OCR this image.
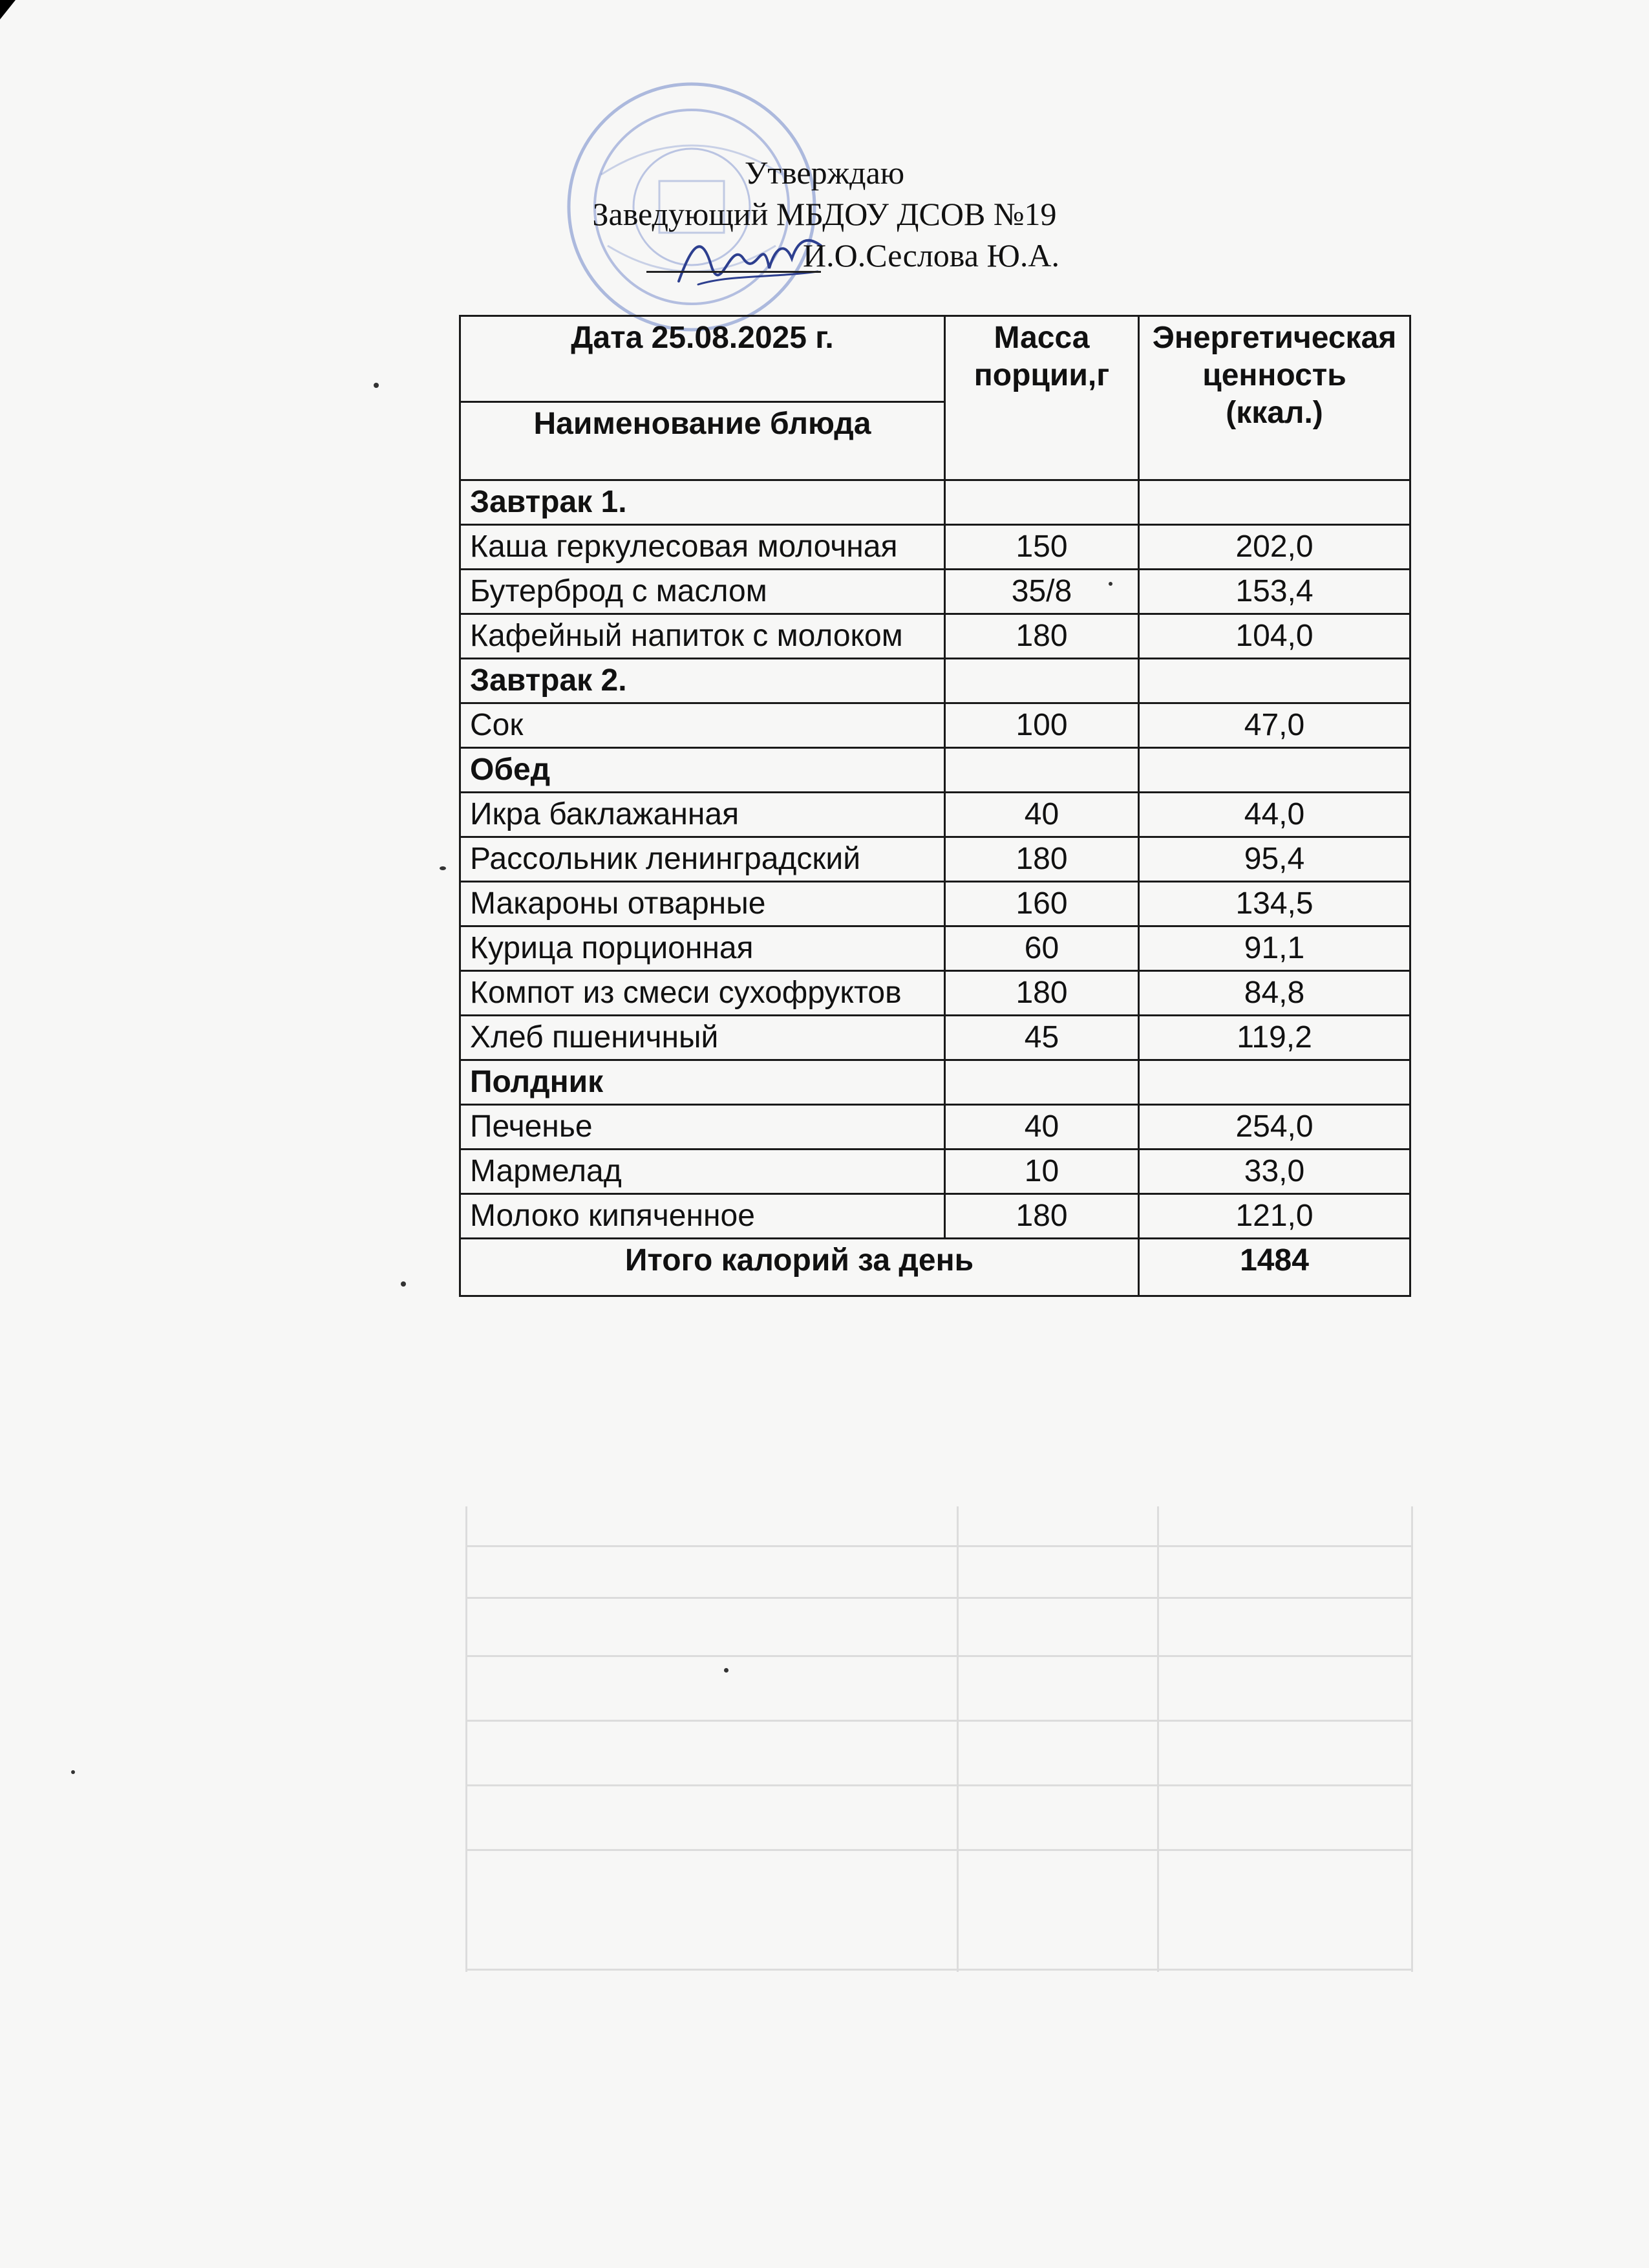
Утверждаю
Заведующий МБДОУ ДСОВ №19
И.О.Сеслова Ю.А.
Дата 25.08.2025 г.	Масса порции,г	Энергетическая
ценность
(ккал.)
Наименование блюда		
Завтрак 1.		
Каша геркулесовая молочная	150	202,0
Бутерброд с маслом	35/8	153,4
Кафейный напиток с молоком	180	104,0
Завтрак 2.		
Сок	100	47,0
Обед		
Икра баклажанная	40	44,0
Рассольник ленинградский	180	95,4
Макароны отварные	160	134,5
Курица порционная	60	91,1
Компот из смеси сухофруктов	180	84,8
Хлеб пшеничный	45	119,2
Полдник		
Печенье	40	254,0
Мармелад	10	33,0
Молоко кипяченное	180	121,0
Итого калорий за день		1484
